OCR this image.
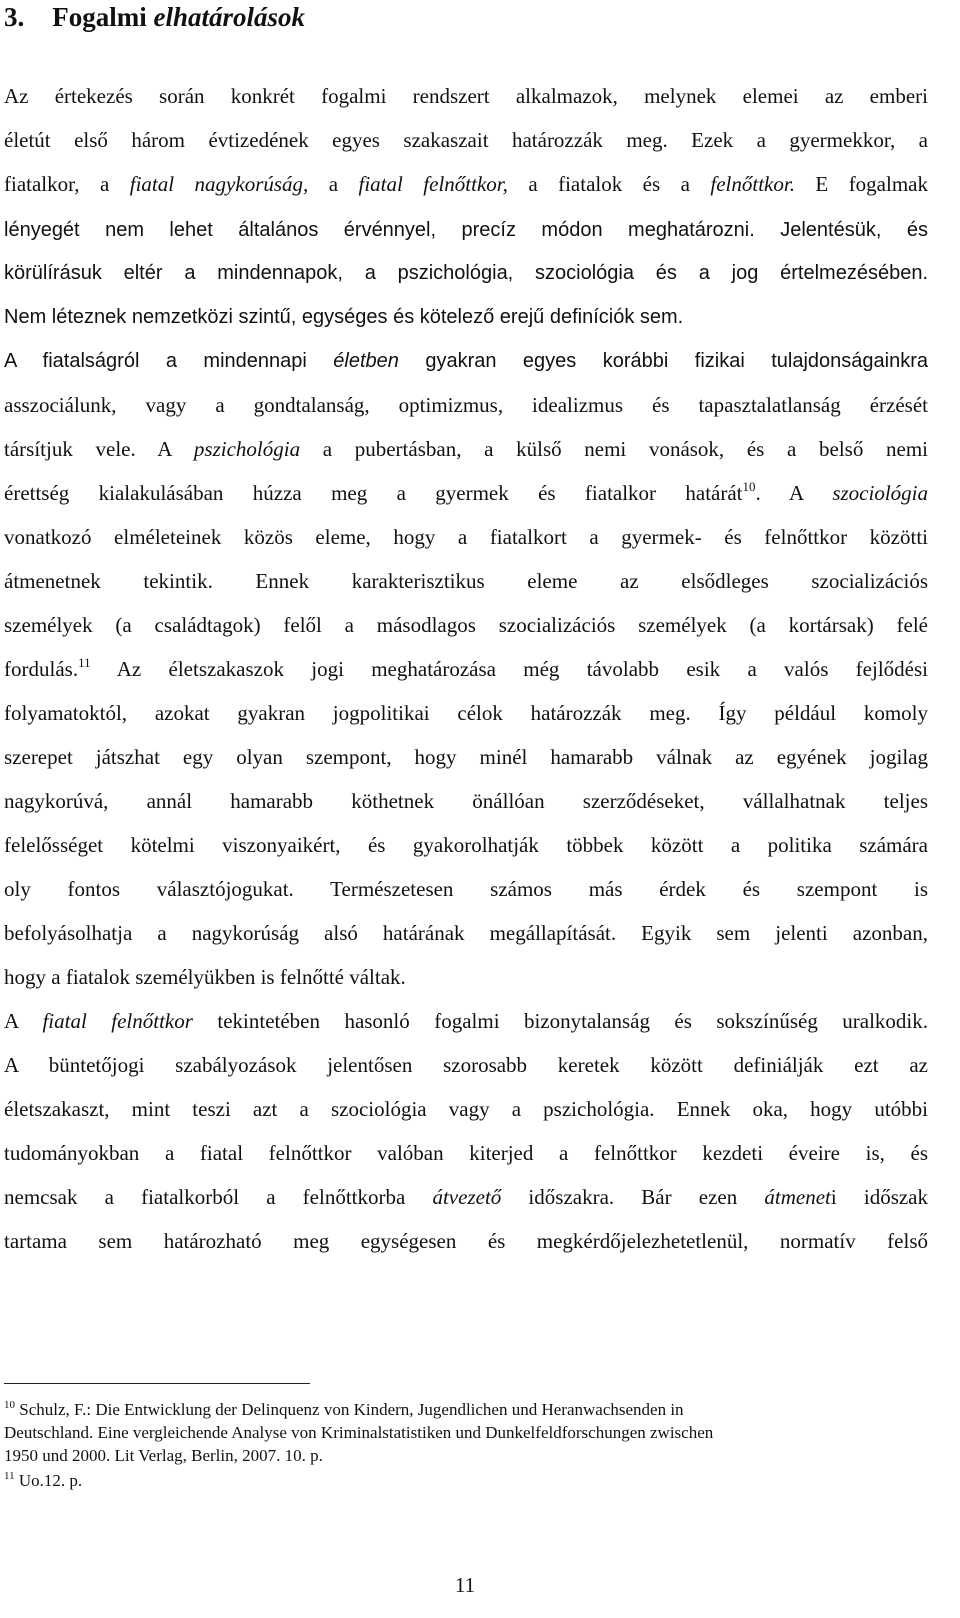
3. Fogalmi elhatárolások
Az értekezés során konkrét fogalmi rendszert alkalmazok, melynek elemei az emberi
életút első három évtizedének egyes szakaszait határozzák meg. Ezek a gyermekkor, a
fiatalkor, a fiatal nagykorúság, a fiatal felnőttkor, a fiatalok és a felnőttkor. E fogalmak
lényegét nem lehet általános érvénnyel, precíz módon meghatározni. Jelentésük, és
körülírásuk eltér a mindennapok, a pszichológia, szociológia és a jog értelmezésében.
Nem léteznek nemzetközi szintű, egységes és kötelező erejű definíciók sem.
A fiatalságról a mindennapi életben gyakran egyes korábbi fizikai tulajdonságainkra
asszociálunk, vagy a gondtalanság, optimizmus, idealizmus és tapasztalatlanság érzését
társítjuk vele. A pszichológia a pubertásban, a külső nemi vonások, és a belső nemi
érettség kialakulásában húzza meg a gyermek és fiatalkor határát$^{10}$. A szociológia
vonatkozó elméleteinek közös eleme, hogy a fiatalkort a gyermek- és felnőttkor közötti
átmenetnek tekintik. Ennek karakterisztikus eleme az elsődleges szocializációs
személyek (a családtagok) felől a másodlagos szocializációs személyek (a kortársak) felé
fordulás.$^{11}$ Az életszakaszok jogi meghatározása még távolabb esik a valós fejlődési
folyamatoktól, azokat gyakran jogpolitikai célok határozzák meg. Így például komoly
szerepet játszhat egy olyan szempont, hogy minél hamarabb válnak az egyének jogilag
nagykorúvá, annál hamarabb köthetnek önállóan szerződéseket, vállalhatnak teljes
felelősséget kötelmi viszonyaikért, és gyakorolhatják többek között a politika számára
oly fontos választójogukat. Természetesen számos más érdek és szempont is
befolyásolhatja a nagykorúság alsó határának megállapítását. Egyik sem jelenti azonban,
hogy a fiatalok személyükben is felnőtté váltak.
A fiatal felnőttkor tekintetében hasonló fogalmi bizonytalanság és sokszínűség uralkodik.
A büntetőjogi szabályozások jelentősen szorosabb keretek között definiálják ezt az
életszakaszt, mint teszi azt a szociológia vagy a pszichológia. Ennek oka, hogy utóbbi
tudományokban a fiatal felnőttkor valóban kiterjed a felnőttkor kezdeti éveire is, és
nemcsak a fiatalkorból a felnőttkorba átvezető időszakra. Bár ezen átmeneti időszak
tartama sem határozható meg egységesen és megkérdőjelezhetetlenül, normatív felső
$^{10}$ Schulz, F.: Die Entwicklung der Delinquenz von Kindern, Jugendlichen und Heranwachsenden in
Deutschland. Eine vergleichende Analyse von Kriminalstatistiken und Dunkelfeldforschungen zwischen
1950 und 2000. Lit Verlag, Berlin, 2007. 10. p.
$^{11}$ Uo.12. p.
11
